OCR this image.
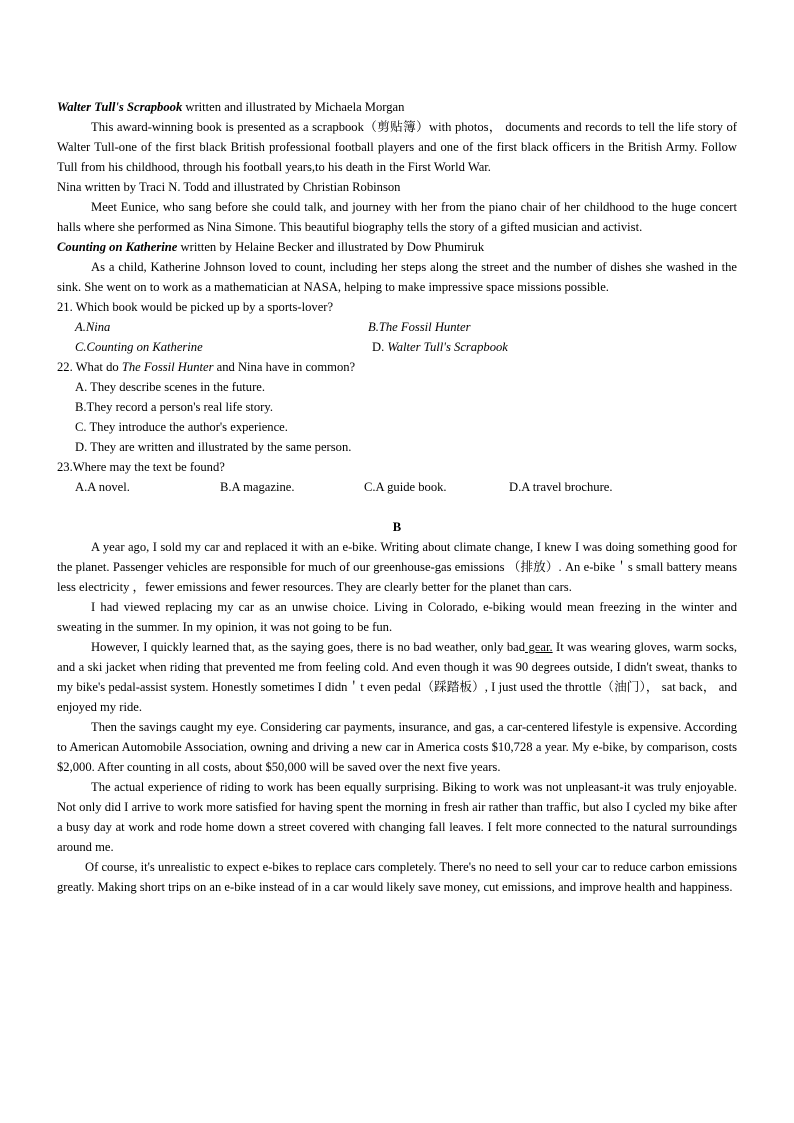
Walter Tull's Scrapbook written and illustrated by Michaela Morgan

This award-winning book is presented as a scrapbook（剪贴簿）with photos， documents and records to tell the life story of Walter Tull-one of the first black British professional football players and one of the first black officers in the British Army. Follow Tull from his childhood, through his football years,to his death in the First World War.

Nina written by Traci N. Todd and illustrated by Christian Robinson

Meet Eunice, who sang before she could talk, and journey with her from the piano chair of her childhood to the huge concert halls where she performed as Nina Simone. This beautiful biography tells the story of a gifted musician and activist.

Counting on Katherine written by Helaine Becker and illustrated by Dow Phumiruk

As a child, Katherine Johnson loved to count, including her steps along the street and the number of dishes she washed in the sink. She went on to work as a mathematician at NASA, helping to make impressive space missions possible.

21. Which book would be picked up by a sports-lover?

A.Nina	B.The Fossil Hunter
C.Counting on Katherine	D. Walter Tull's Scrapbook

22. What do The Fossil Hunter and Nina have in common?

A. They describe scenes in the future.

B.They record a person's real life story.

C. They introduce the author's experience.

D. They are written and illustrated by the same person.

23.Where may the text be found?

A.A novel.	B.A magazine.	C.A guide book.	D.A travel brochure.

B

A year ago, I sold my car and replaced it with an e-bike. Writing about climate change, I knew I was doing something good for the planet. Passenger vehicles are responsible for much of our greenhouse-gas emissions （排放）. An e-bike＇s small battery means less electricity ，fewer emissions and fewer resources. They are clearly better for the planet than cars.

I had viewed replacing my car as an unwise choice. Living in Colorado, e-biking would mean freezing in the winter and sweating in the summer. In my opinion, it was not going to be fun.

However, I quickly learned that, as the saying goes, there is no bad weather, only bad gear. It was wearing gloves, warm socks, and a ski jacket when riding that prevented me from feeling cold. And even though it was 90 degrees outside, I didn't sweat, thanks to my bike's pedal-assist system. Honestly sometimes I didn＇t even pedal（踩踏板）, I just used the throttle（油门）， sat back， and enjoyed my ride.

Then the savings caught my eye. Considering car payments, insurance, and gas, a car-centered lifestyle is expensive. According to American Automobile Association, owning and driving a new car in America costs $10,728 a year. My e-bike, by comparison, costs $2,000. After counting in all costs, about $50,000 will be saved over the next five years.

The actual experience of riding to work has been equally surprising. Biking to work was not unpleasant-it was truly enjoyable. Not only did I arrive to work more satisfied for having spent the morning in fresh air rather than traffic, but also I cycled my bike after a busy day at work and rode home down a street covered with changing fall leaves. I felt more connected to the natural surroundings around me.

Of course, it's unrealistic to expect e-bikes to replace cars completely. There's no need to sell your car to reduce carbon emissions greatly. Making short trips on an e-bike instead of in a car would likely save money, cut emissions, and improve health and happiness.
